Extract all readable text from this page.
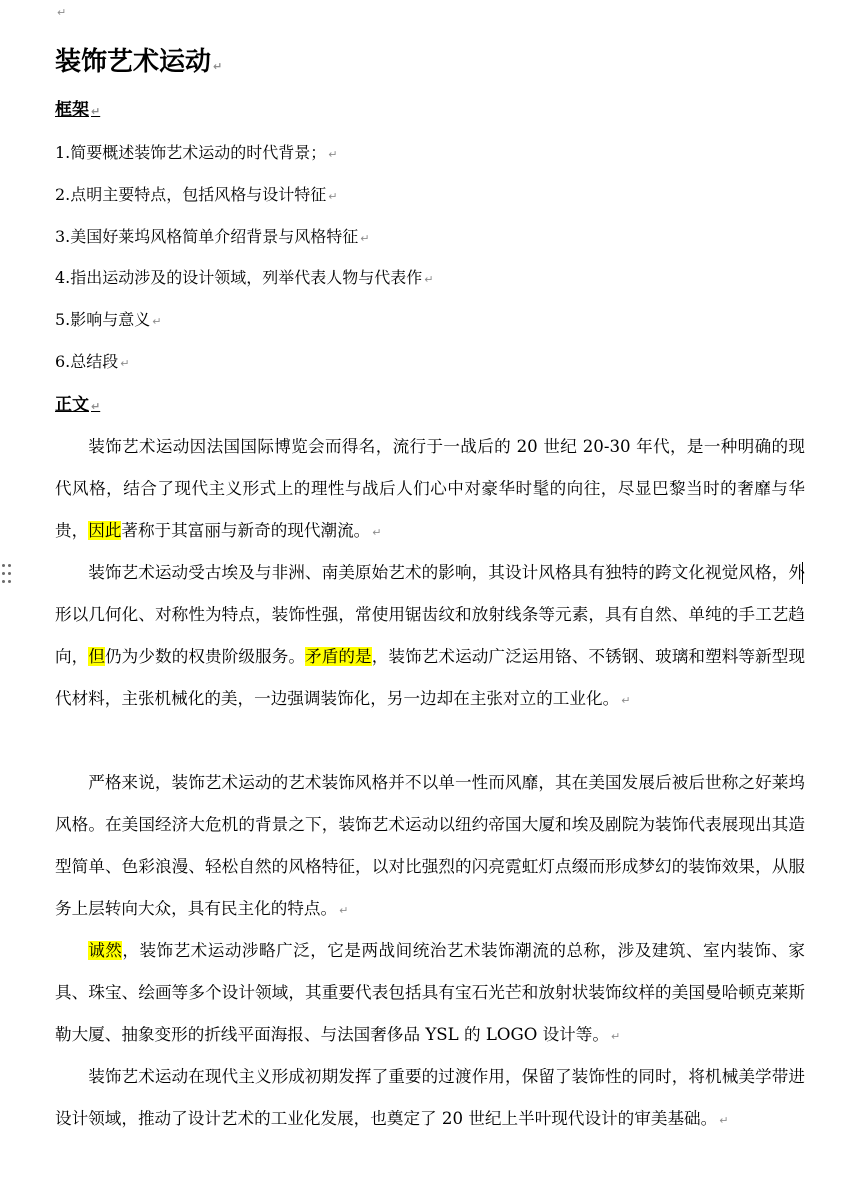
↵
装饰艺术运动 ↵
框架 ↵

1.简要概述装饰艺术运动的时代背景； ↵

2.点明主要特点，包括风格与设计特征 ↵

3.美国好莱坞风格简单介绍背景与风格特征 ↵

4.指出运动涉及的设计领域，列举代表人物与代表作 ↵

5.影响与意义 ↵

6.总结段 ↵

正文 ↵

装饰艺术运动因法国国际博览会而得名，流行于一战后的 20 世纪 20-30 年代，是一种明确的现代风格，结合了现代主义形式上的理性与战后人们心中对豪华时髦的向往，尽显巴黎当时的奢靡与华贵，因此著称于其富丽与新奇的现代潮流。 ↵

装饰艺术运动受古埃及与非洲、南美原始艺术的影响，其设计风格具有独特的跨文化视觉风格，外形以几何化、对称性为特点，装饰性强，常使用锯齿纹和放射线条等元素，具有自然、单纯的手工艺趋向，但仍为少数的权贵阶级服务。矛盾的是，装饰艺术运动广泛运用铬、不锈钢、玻璃和塑料等新型现代材料，主张机械化的美，一边强调装饰化，另一边却在主张对立的工业化。 ↵

严格来说，装饰艺术运动的艺术装饰风格并不以单一性而风靡，其在美国发展后被后世称之好莱坞风格。在美国经济大危机的背景之下，装饰艺术运动以纽约帝国大厦和埃及剧院为装饰代表展现出其造型简单、色彩浪漫、轻松自然的风格特征，以对比强烈的闪亮霓虹灯点缀而形成梦幻的装饰效果，从服务上层转向大众，具有民主化的特点。 ↵

诚然，装饰艺术运动涉略广泛，它是两战间统治艺术装饰潮流的总称，涉及建筑、室内装饰、家具、珠宝、绘画等多个设计领域，其重要代表包括具有宝石光芒和放射状装饰纹样的美国曼哈顿克莱斯勒大厦、抽象变形的折线平面海报、与法国奢侈品 YSL 的 LOGO 设计等。 ↵

装饰艺术运动在现代主义形成初期发挥了重要的过渡作用，保留了装饰性的同时，将机械美学带进设计领域，推动了设计艺术的工业化发展，也奠定了 20 世纪上半叶现代设计的审美基础。 ↵
